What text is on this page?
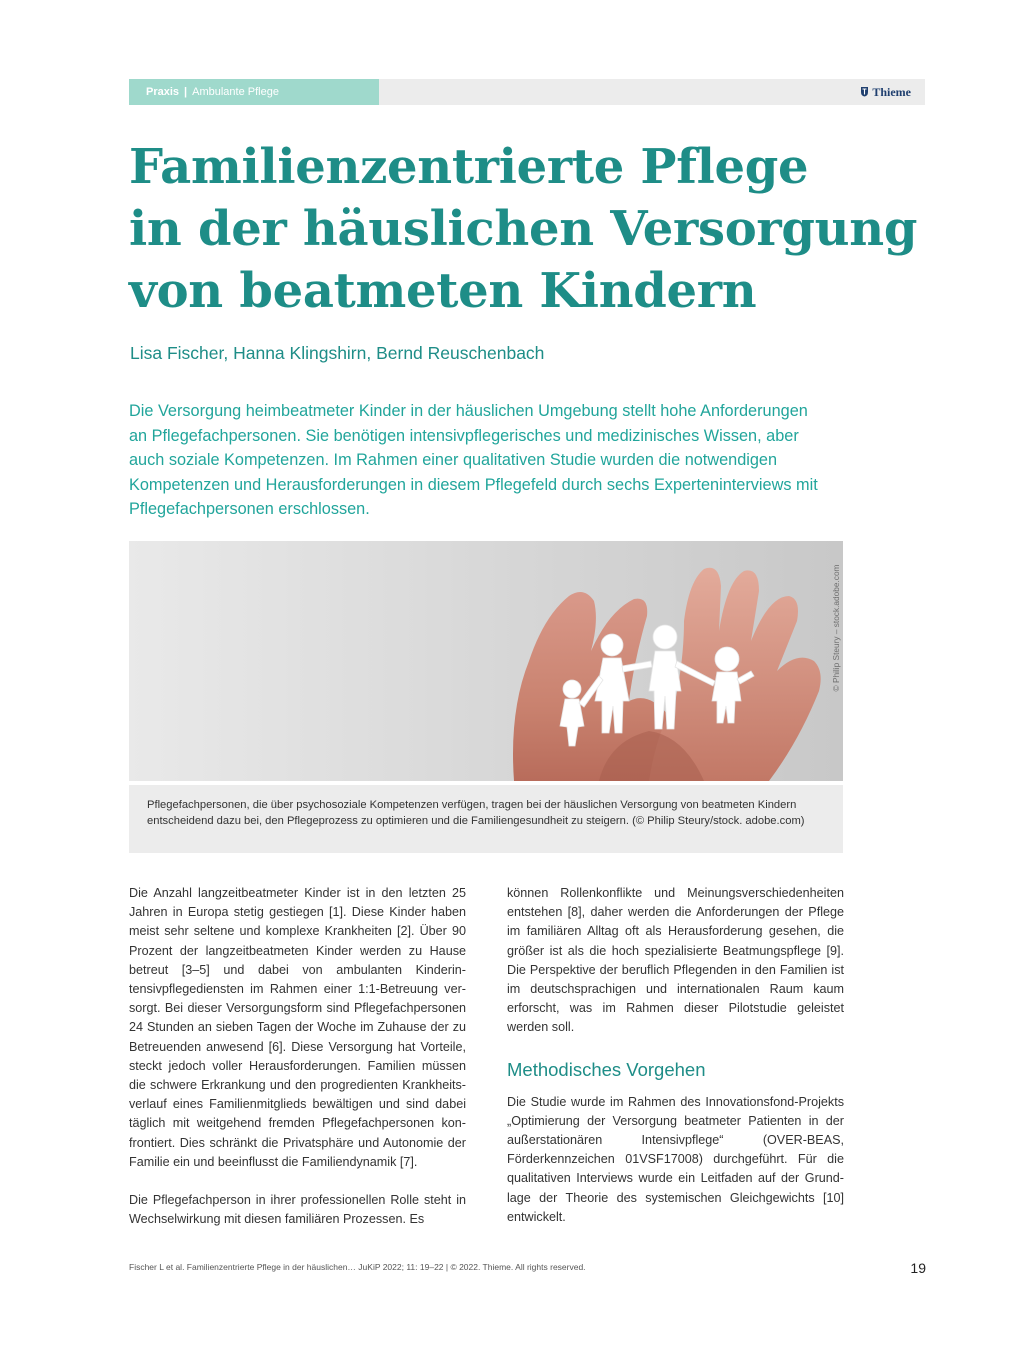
Praxis | Ambulante Pflege	Thieme
Familienzentrierte Pflege
in der häuslichen Versorgung
von beatmeten Kindern
Lisa Fischer, Hanna Klingshirn, Bernd Reuschenbach

Die Versorgung heimbeatmeter Kinder in der häuslichen Umgebung stellt hohe Anforderungen an Pflegefachpersonen. Sie benötigen intensivpflegerisches und medizinisches Wissen, aber auch soziale Kompetenzen. Im Rahmen einer qualitativen Studie wurden die notwendigen Kompetenzen und Herausforderungen in diesem Pflegefeld durch sechs Experteninterviews mit Pflegefachpersonen erschlossen.

© Philip Steury – stock.adobe.com
Pflegefachpersonen, die über psychosoziale Kompetenzen verfügen, tragen bei der häuslichen Versorgung von beatmeten Kindern entscheidend dazu bei, den Pflegeprozess zu optimieren und die Familiengesundheit zu steigern. (© Philip Steury/stock. adobe.com)

Die Anzahl langzeitbeatmeter Kinder ist in den letzten 25 Jahren in Europa stetig gestiegen [1]. Diese Kinder haben meist sehr seltene und komplexe Krankheiten [2]. Über 90 Prozent der langzeitbeatmeten Kinder werden zu Hause betreut [3–5] und dabei von ambulanten Kinderintensivpflegediensten im Rahmen einer 1:1-Betreuung versorgt. Bei dieser Versorgungsform sind Pflegefachpersonen 24 Stunden an sieben Tagen der Woche im Zuhause der zu Betreuenden anwesend [6]. Diese Versorgung hat Vorteile, steckt jedoch voller Herausforderungen. Familien müssen die schwere Erkrankung und den progredienten Krankheitsverlauf eines Familienmitglieds bewältigen und sind dabei täglich mit weitgehend fremden Pflegefachpersonen konfrontiert. Dies schränkt die Privatsphäre und Autonomie der Familie ein und beeinflusst die Familiendynamik [7].

Die Pflegefachperson in ihrer professionellen Rolle steht in Wechselwirkung mit diesen familiären Prozessen. Es

können Rollenkonflikte und Meinungsverschiedenheiten entstehen [8], daher werden die Anforderungen der Pflege im familiären Alltag oft als Herausforderung gesehen, die größer ist als die hoch spezialisierte Beatmungspflege [9]. Die Perspektive der beruflich Pflegenden in den Familien ist im deutschsprachigen und internationalen Raum kaum erforscht, was im Rahmen dieser Pilotstudie geleistet werden soll.

Methodisches Vorgehen

Die Studie wurde im Rahmen des Innovationsfond-Projekts „Optimierung der Versorgung beatmeter Patienten in der außerstationären Intensivpflege“ (OVER-BEAS, Förderkennzeichen 01VSF17008) durchgeführt. Für die qualitativen Interviews wurde ein Leitfaden auf der Grundlage der Theorie des systemischen Gleichgewichts [10] entwickelt.

Fischer L et al. Familienzentrierte Pflege in der häuslichen… JuKiP 2022; 11: 19–22 | © 2022. Thieme. All rights reserved.	19
